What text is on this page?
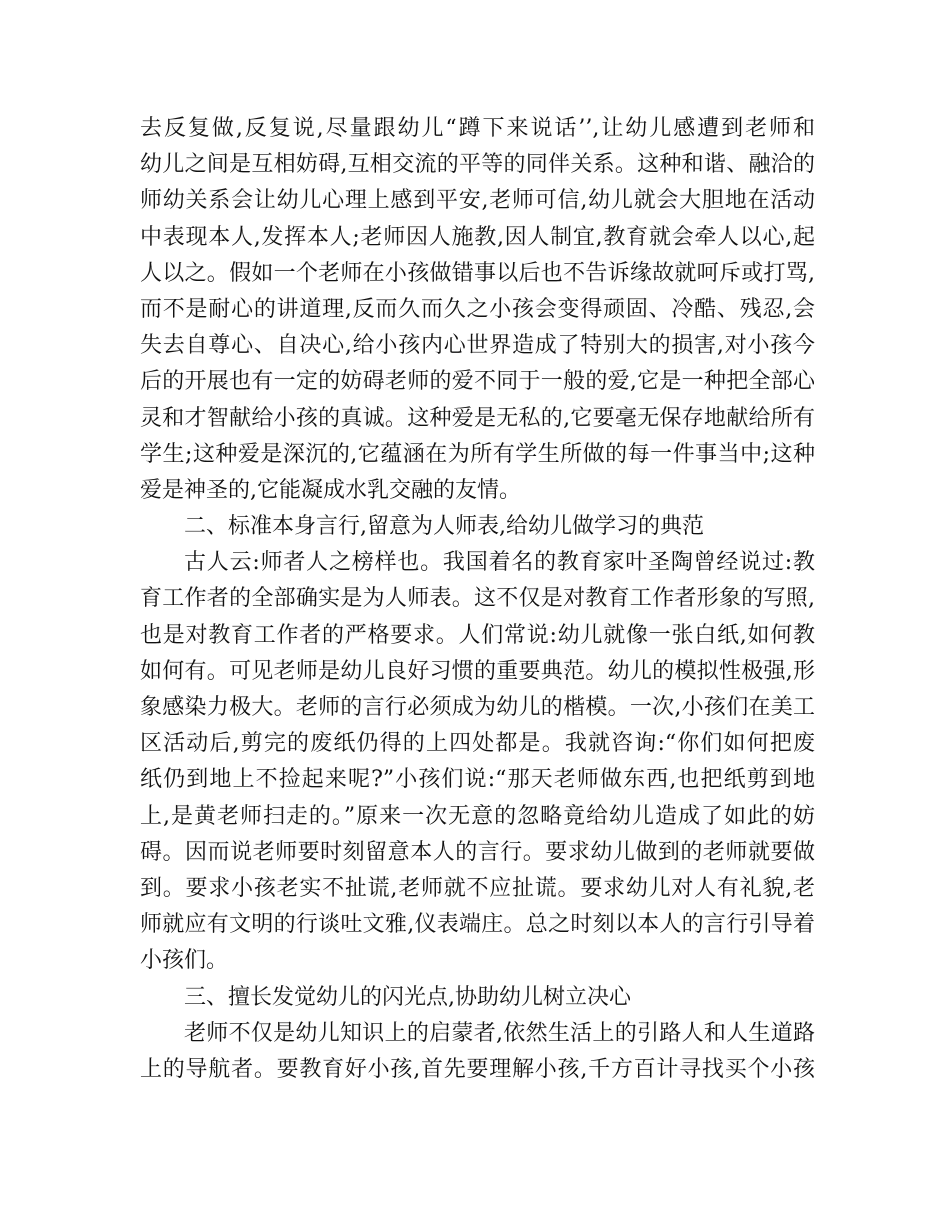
去反复做,反复说,尽量跟幼儿“蹲下来说话’’,让幼儿感遭到老师和
幼儿之间是互相妨碍,互相交流的平等的同伴关系。这种和谐、融洽的
师幼关系会让幼儿心理上感到平安,老师可信,幼儿就会大胆地在活动
中表现本人,发挥本人;老师因人施教,因人制宜,教育就会牵人以心,起
人以之。假如一个老师在小孩做错事以后也不告诉缘故就呵斥或打骂,
而不是耐心的讲道理,反而久而久之小孩会变得顽固、冷酷、残忍,会
失去自尊心、自决心,给小孩内心世界造成了特别大的损害,对小孩今
后的开展也有一定的妨碍老师的爱不同于一般的爱,它是一种把全部心
灵和才智献给小孩的真诚。这种爱是无私的,它要毫无保存地献给所有
学生;这种爱是深沉的,它蕴涵在为所有学生所做的每一件事当中;这种
爱是神圣的,它能凝成水乳交融的友情。
二、标准本身言行,留意为人师表,给幼儿做学习的典范
古人云:师者人之榜样也。我国着名的教育家叶圣陶曾经说过:教
育工作者的全部确实是为人师表。这不仅是对教育工作者形象的写照,
也是对教育工作者的严格要求。人们常说:幼儿就像一张白纸,如何教
如何有。可见老师是幼儿良好习惯的重要典范。幼儿的模拟性极强,形
象感染力极大。老师的言行必须成为幼儿的楷模。一次,小孩们在美工
区活动后,剪完的废纸仍得的上四处都是。我就咨询:“你们如何把废
纸仍到地上不捡起来呢?”小孩们说:“那天老师做东西,也把纸剪到地
上,是黄老师扫走的。”原来一次无意的忽略竟给幼儿造成了如此的妨
碍。因而说老师要时刻留意本人的言行。要求幼儿做到的老师就要做
到。要求小孩老实不扯谎,老师就不应扯谎。要求幼儿对人有礼貌,老
师就应有文明的行谈吐文雅,仪表端庄。总之时刻以本人的言行引导着
小孩们。
三、擅长发觉幼儿的闪光点,协助幼儿树立决心
老师不仅是幼儿知识上的启蒙者,依然生活上的引路人和人生道路
上的导航者。要教育好小孩,首先要理解小孩,千方百计寻找买个小孩
